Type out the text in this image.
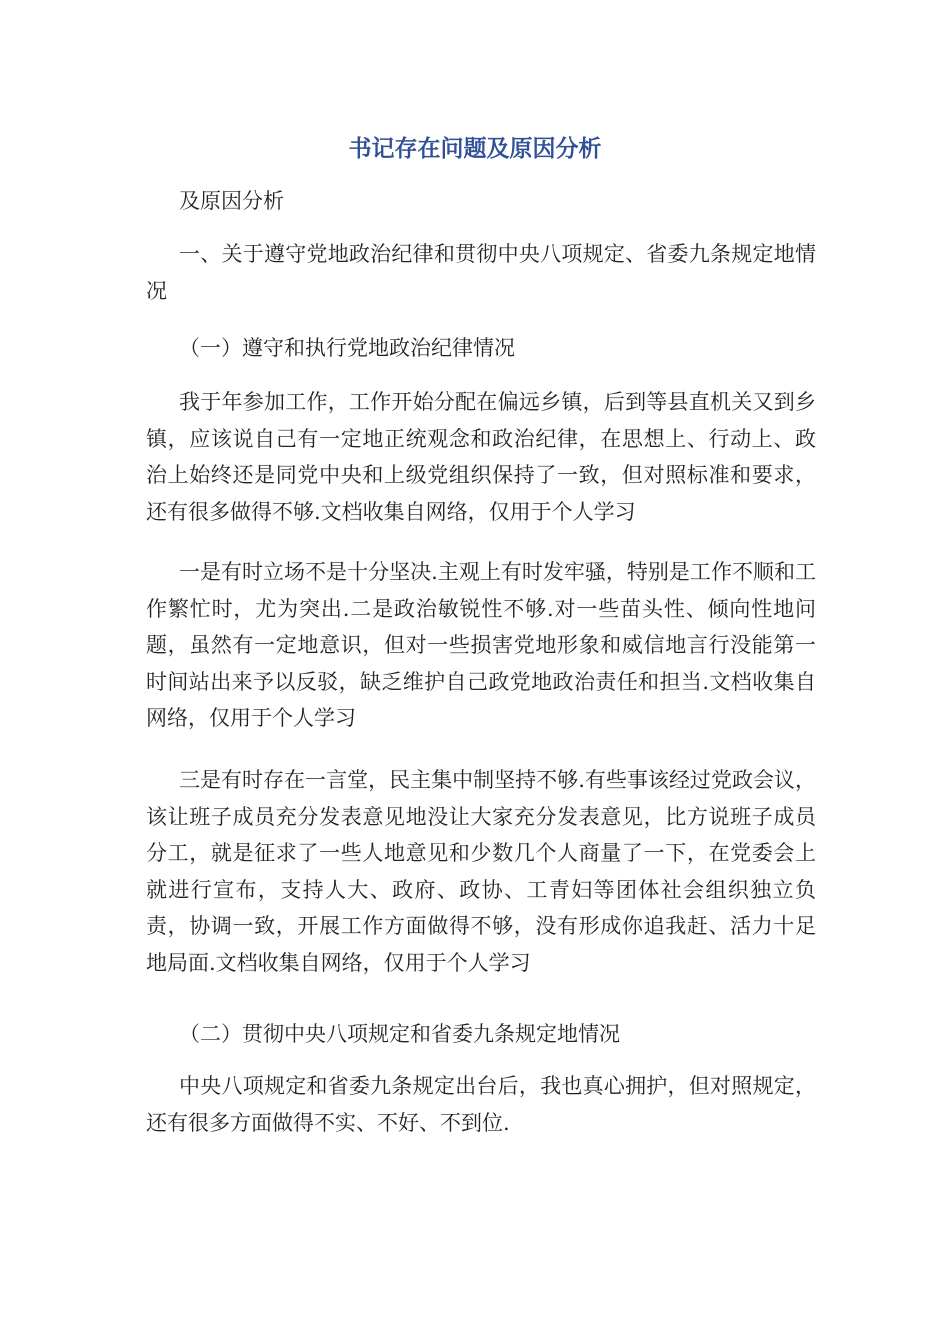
书记存在问题及原因分析

及原因分析

一、关于遵守党地政治纪律和贯彻中央八项规定、省委九条规定地情况

（一）遵守和执行党地政治纪律情况

我于年参加工作，工作开始分配在偏远乡镇，后到等县直机关又到乡镇，应该说自己有一定地正统观念和政治纪律，在思想上、行动上、政治上始终还是同党中央和上级党组织保持了一致，但对照标准和要求，还有很多做得不够.文档收集自网络，仅用于个人学习

一是有时立场不是十分坚决.主观上有时发牢骚，特别是工作不顺和工作繁忙时，尤为突出.二是政治敏锐性不够.对一些苗头性、倾向性地问题，虽然有一定地意识，但对一些损害党地形象和威信地言行没能第一时间站出来予以反驳，缺乏维护自己政党地政治责任和担当.文档收集自网络，仅用于个人学习

三是有时存在一言堂，民主集中制坚持不够.有些事该经过党政会议，该让班子成员充分发表意见地没让大家充分发表意见，比方说班子成员分工，就是征求了一些人地意见和少数几个人商量了一下，在党委会上就进行宣布，支持人大、政府、政协、工青妇等团体社会组织独立负责，协调一致，开展工作方面做得不够，没有形成你追我赶、活力十足地局面.文档收集自网络，仅用于个人学习

（二）贯彻中央八项规定和省委九条规定地情况

中央八项规定和省委九条规定出台后，我也真心拥护，但对照规定，还有很多方面做得不实、不好、不到位.
